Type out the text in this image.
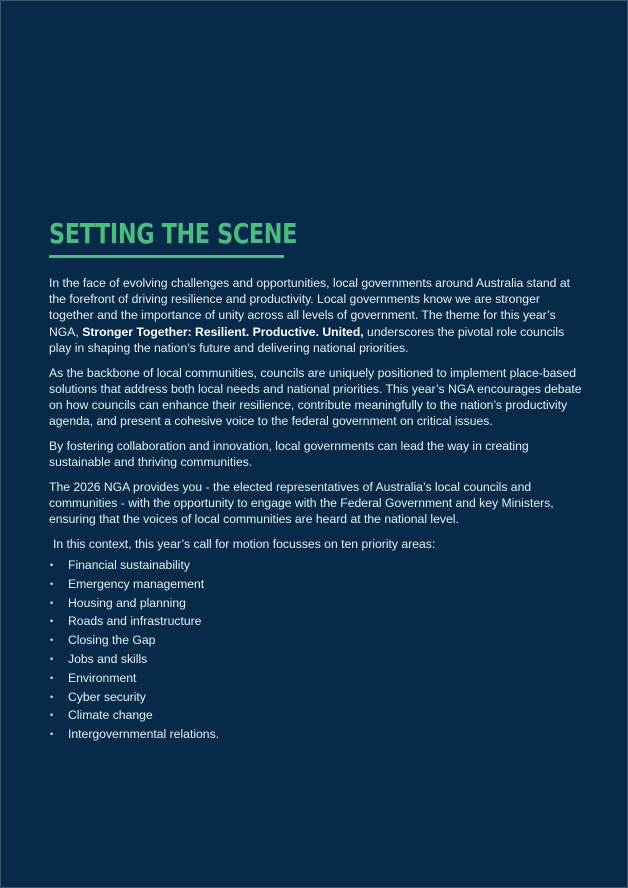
SETTING THE SCENE

In the face of evolving challenges and opportunities, local governments around Australia stand at the forefront of driving resilience and productivity. Local governments know we are stronger together and the importance of unity across all levels of government. The theme for this year’s NGA, Stronger Together: Resilient. Productive. United, underscores the pivotal role councils play in shaping the nation’s future and delivering national priorities.

As the backbone of local communities, councils are uniquely positioned to implement place-based solutions that address both local needs and national priorities. This year’s NGA encourages debate on how councils can enhance their resilience, contribute meaningfully to the nation’s productivity agenda, and present a cohesive voice to the federal government on critical issues.

By fostering collaboration and innovation, local governments can lead the way in creating sustainable and thriving communities.

The 2026 NGA provides you - the elected representatives of Australia’s local councils and communities - with the opportunity to engage with the Federal Government and key Ministers, ensuring that the voices of local communities are heard at the national level.

In this context, this year’s call for motion focusses on ten priority areas:

• Financial sustainability
• Emergency management
• Housing and planning
• Roads and infrastructure
• Closing the Gap
• Jobs and skills
• Environment
• Cyber security
• Climate change
• Intergovernmental relations.
